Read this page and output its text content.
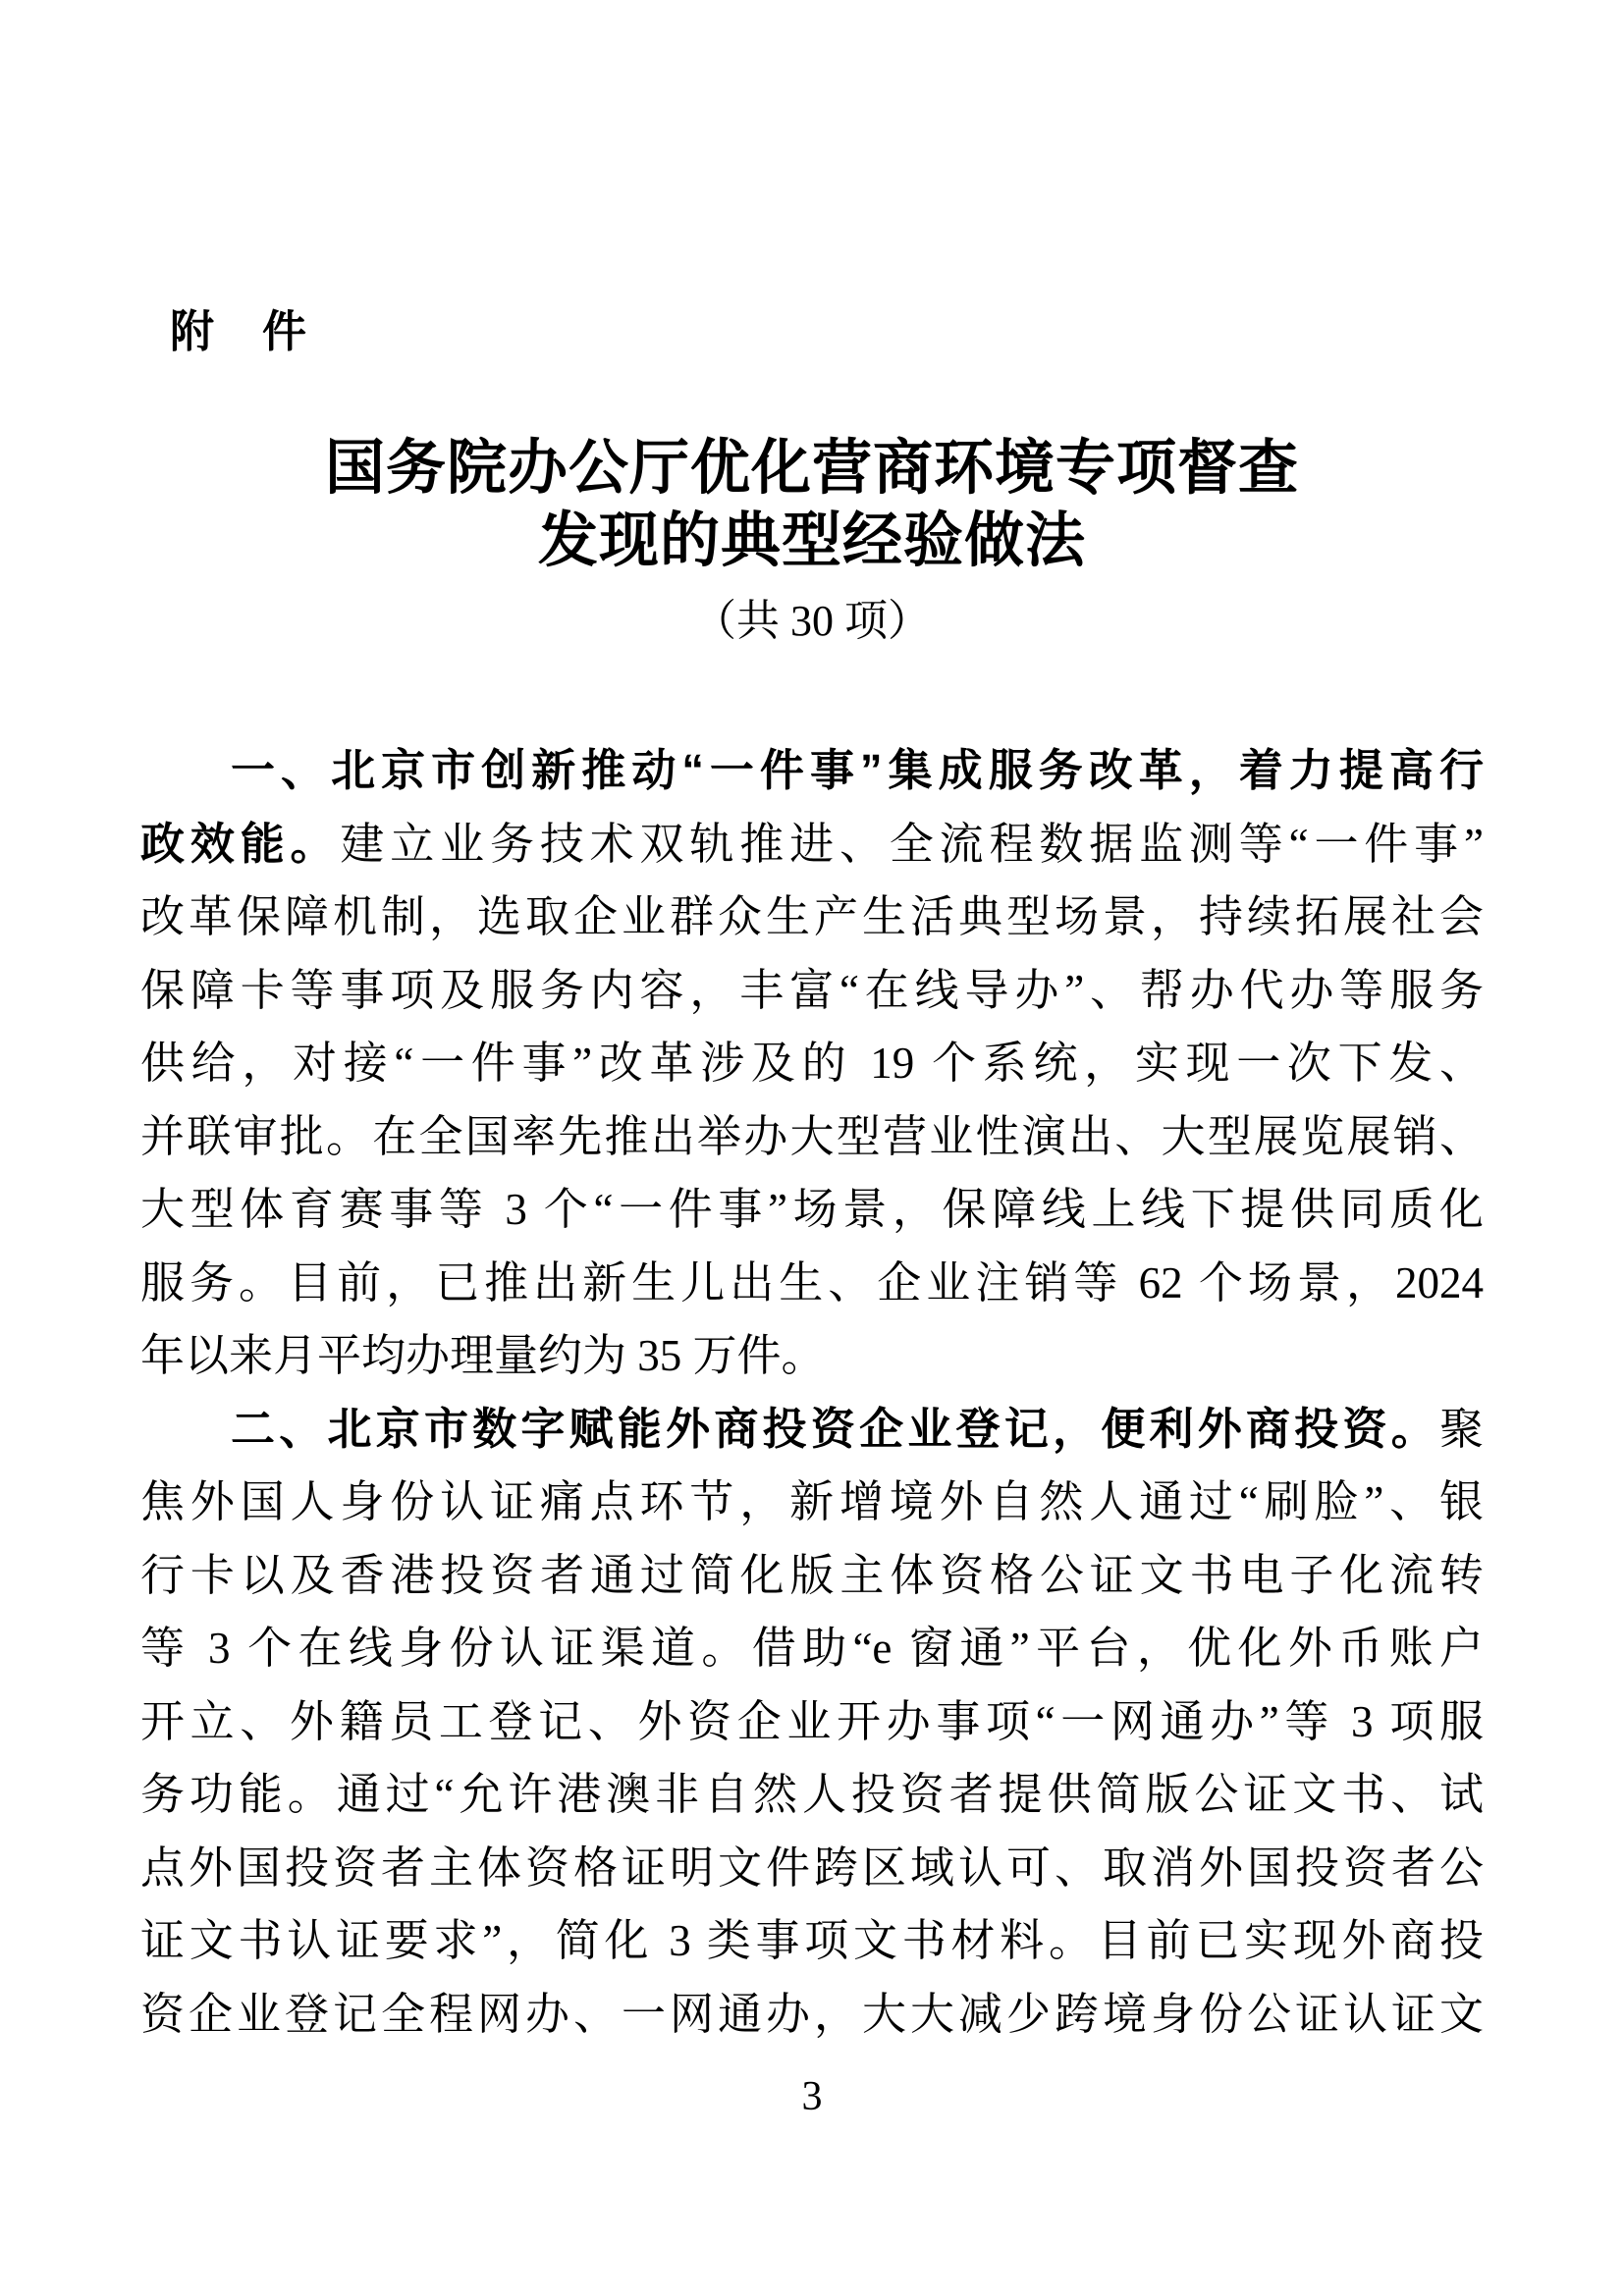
附　件
国务院办公厅优化营商环境专项督查
发现的典型经验做法
（共 30 项）
一、北京市创新推动“一件事”集成服务改革，着力提高行
政效能。建立业务技术双轨推进、全流程数据监测等“一件事”
改革保障机制，选取企业群众生产生活典型场景，持续拓展社会
保障卡等事项及服务内容，丰富“在线导办”、帮办代办等服务
供给，对接“一件事”改革涉及的 19 个系统，实现一次下发、
并联审批。在全国率先推出举办大型营业性演出、大型展览展销、
大型体育赛事等 3 个“一件事”场景，保障线上线下提供同质化
服务。目前，已推出新生儿出生、企业注销等 62 个场景，2024
年以来月平均办理量约为 35 万件。
二、北京市数字赋能外商投资企业登记，便利外商投资。聚
焦外国人身份认证痛点环节，新增境外自然人通过“刷脸”、银
行卡以及香港投资者通过简化版主体资格公证文书电子化流转
等 3 个在线身份认证渠道。借助“e 窗通”平台，优化外币账户
开立、外籍员工登记、外资企业开办事项“一网通办”等 3 项服
务功能。通过“允许港澳非自然人投资者提供简版公证文书、试
点外国投资者主体资格证明文件跨区域认可、取消外国投资者公
证文书认证要求”，简化 3 类事项文书材料。目前已实现外商投
资企业登记全程网办、一网通办，大大减少跨境身份公证认证文
3
